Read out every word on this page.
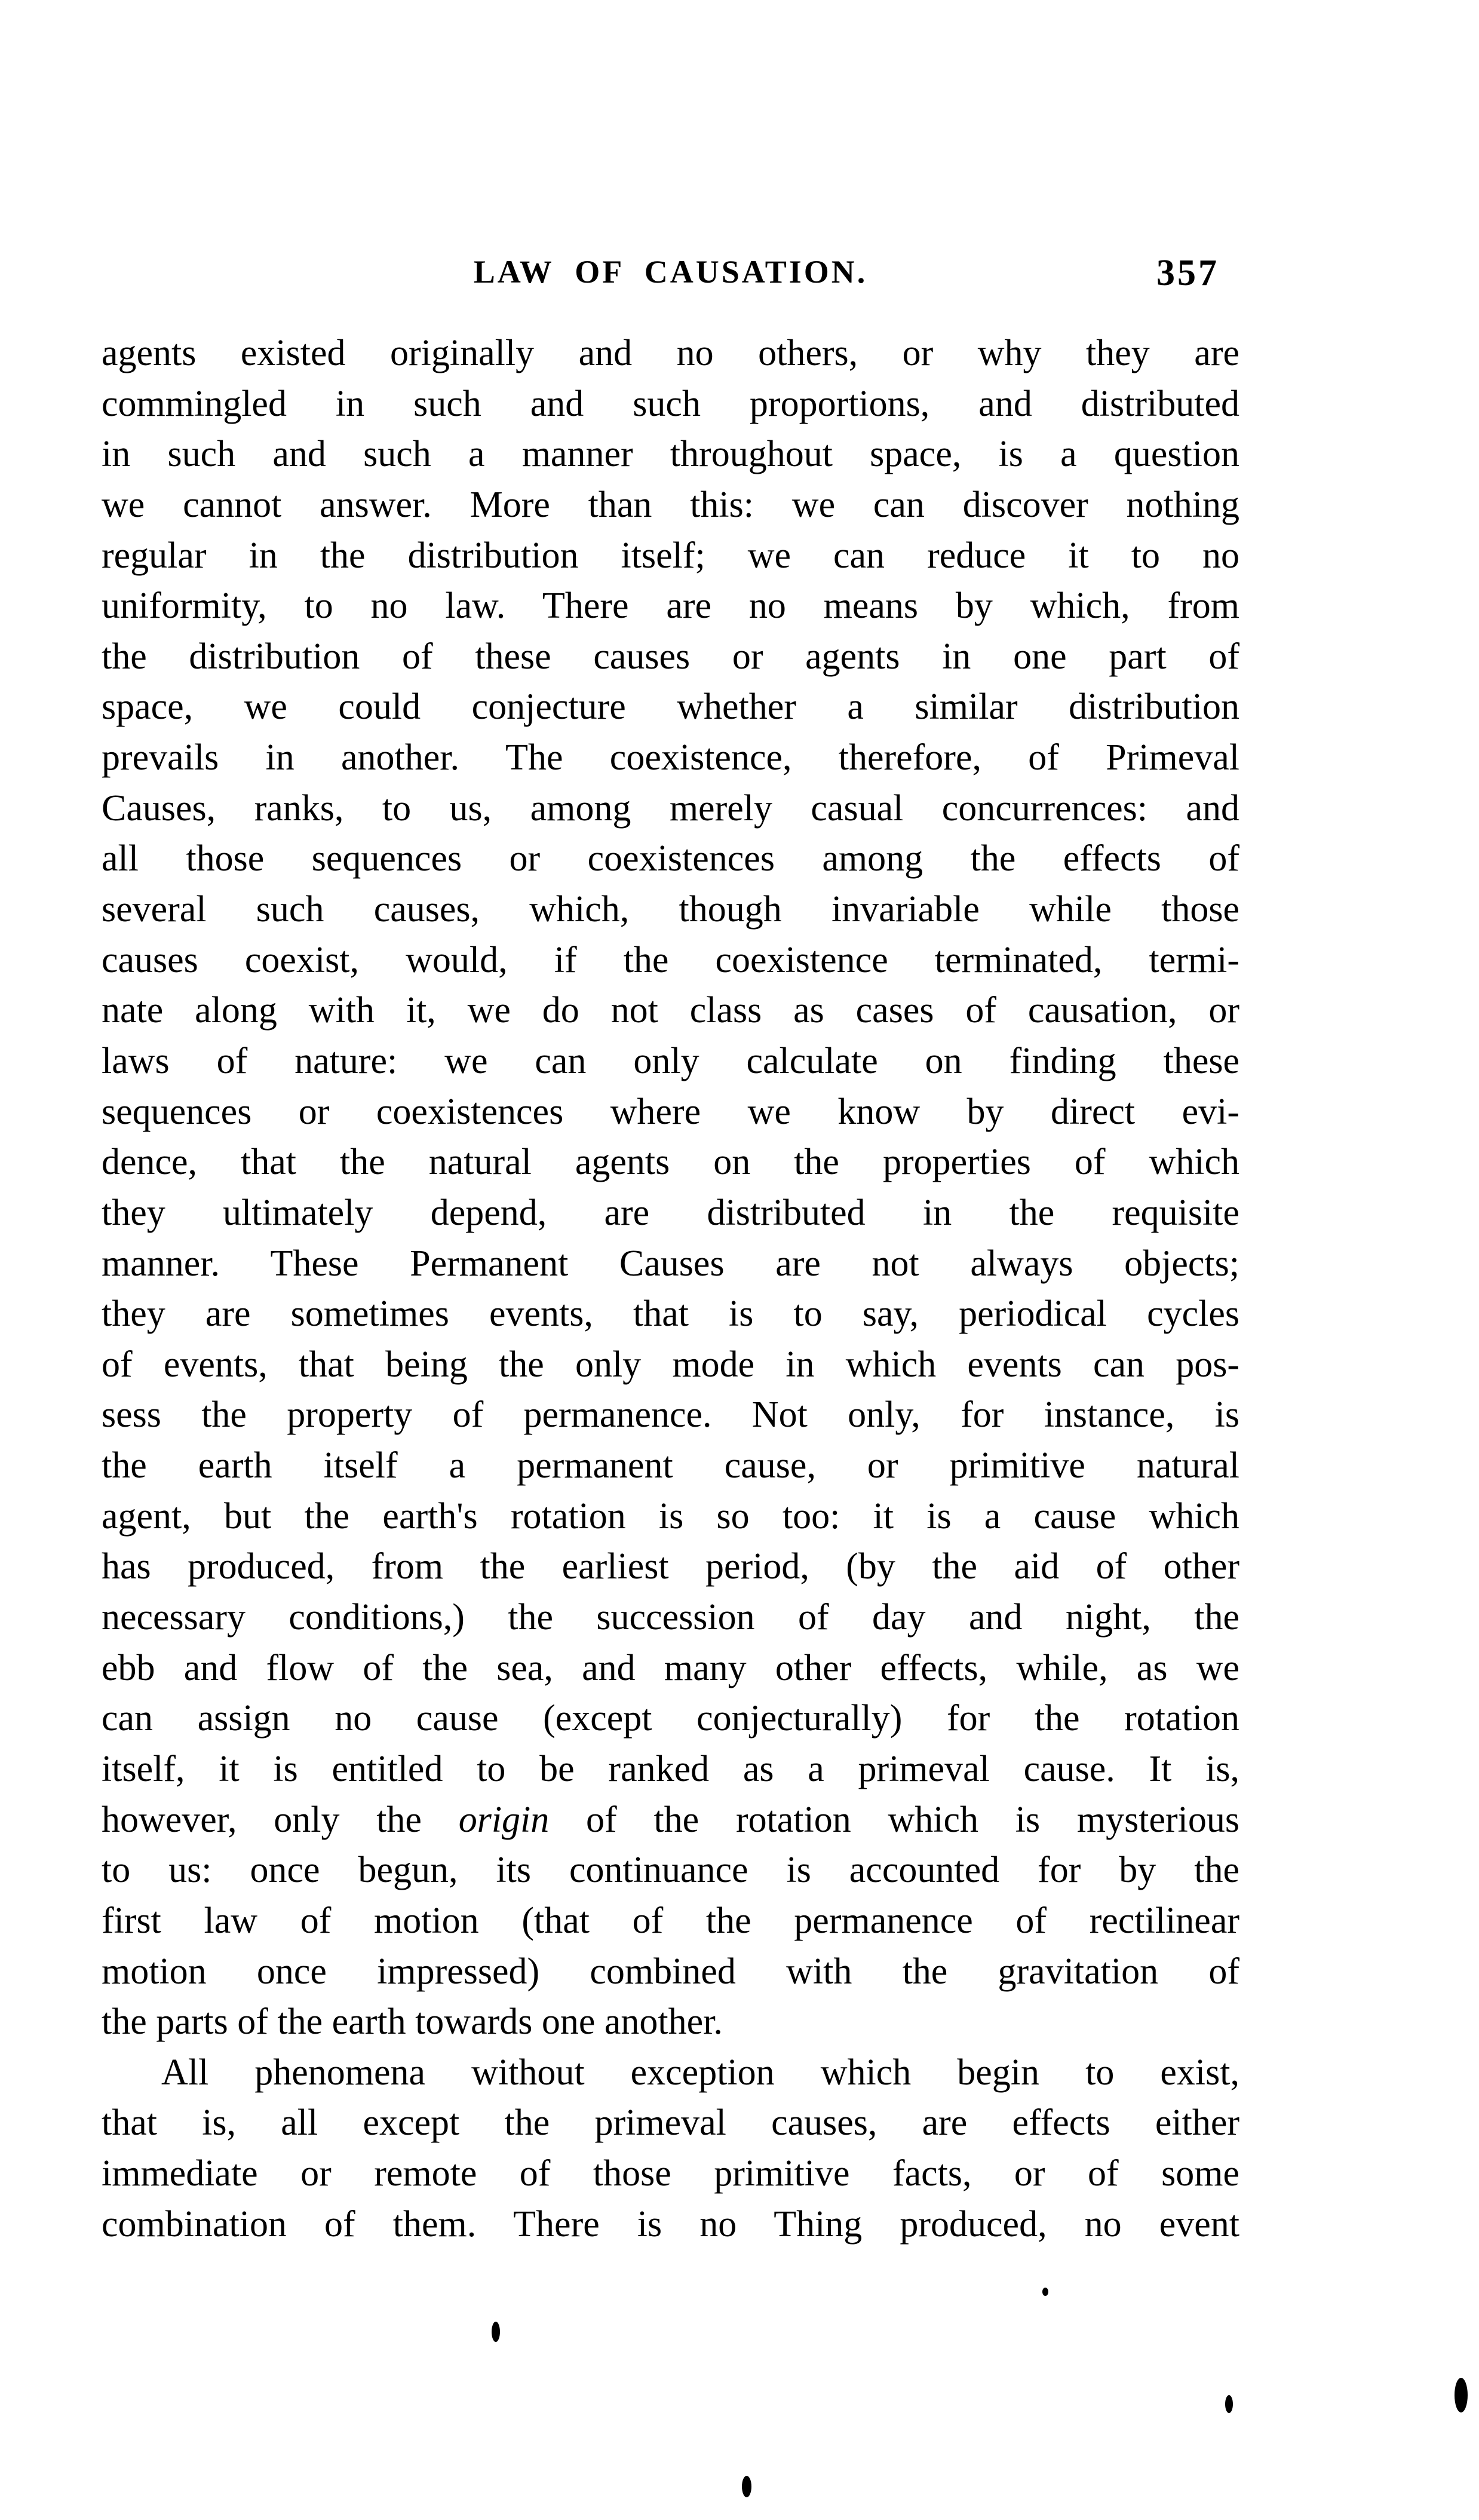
LAW OF CAUSATION.	357
agents existed originally and no others, or why they are
commingled in such and such proportions, and distributed
in such and such a manner throughout space, is a question
we cannot answer. More than this: we can discover nothing
regular in the distribution itself; we can reduce it to no
uniformity, to no law. There are no means by which, from
the distribution of these causes or agents in one part of
space, we could conjecture whether a similar distribution
prevails in another. The coexistence, therefore, of Primeval
Causes, ranks, to us, among merely casual concurrences: and
all those sequences or coexistences among the effects of
several such causes, which, though invariable while those
causes coexist, would, if the coexistence terminated, termi-
nate along with it, we do not class as cases of causation, or
laws of nature: we can only calculate on finding these
sequences or coexistences where we know by direct evi-
dence, that the natural agents on the properties of which
they ultimately depend, are distributed in the requisite
manner. These Permanent Causes are not always objects;
they are sometimes events, that is to say, periodical cycles
of events, that being the only mode in which events can pos-
sess the property of permanence. Not only, for instance, is
the earth itself a permanent cause, or primitive natural
agent, but the earth's rotation is so too: it is a cause which
has produced, from the earliest period, (by the aid of other
necessary conditions,) the succession of day and night, the
ebb and flow of the sea, and many other effects, while, as we
can assign no cause (except conjecturally) for the rotation
itself, it is entitled to be ranked as a primeval cause. It is,
however, only the origin of the rotation which is mysterious
to us: once begun, its continuance is accounted for by the
first law of motion (that of the permanence of rectilinear
motion once impressed) combined with the gravitation of
the parts of the earth towards one another.
All phenomena without exception which begin to exist,
that is, all except the primeval causes, are effects either
immediate or remote of those primitive facts, or of some
combination of them. There is no Thing produced, no event
